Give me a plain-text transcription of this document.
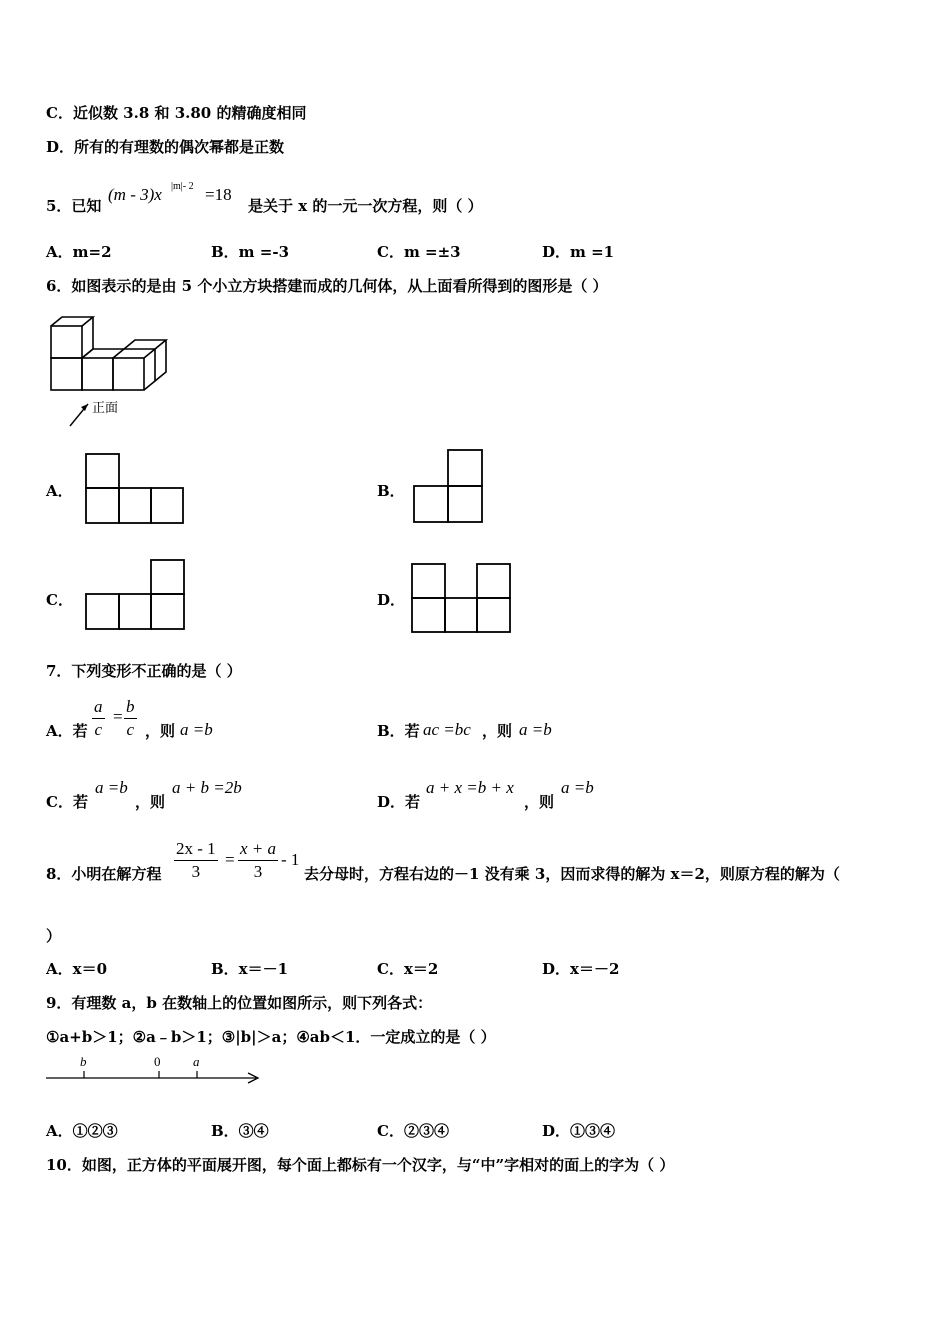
C．近似数 3.8 和 3.80 的精确度相同
D．所有的有理数的偶次幂都是正数
5．已知
(m - 3)x |m|- 2 =18
是关于 x 的一元一次方程，则（ ）
A．m=2	B．m =-3	C．m =±3	D．m =1
6．如图表示的是由 5 个小立方块搭建而成的几何体，从上面看所得到的图形是（ ）
正面
A．	B．
C．	D．
7．下列变形不正确的是（ ）
A．若 $\frac{a}{c} = \frac{b}{c}$ ，则 a =b	B．若 ac =bc ，则 a =b
C．若
a =b
，则
a + b =2b
D．若
a + x =b + x
，则
a =b
8．小明在解方程 $\frac{2x - 1}{3} = \frac{x + a}{3} - 1$
去分母时，方程右边的－1 没有乘 3，因而求得的解为 x＝2，则原方程的解为（
）
A．x＝0	B．x＝－1	C．x＝2	D．x＝－2
9．有理数 a，b 在数轴上的位置如图所示，则下列各式：
①a+b＞1；②a﹣b＞1；③|b|＞a；④ab＜1．一定成立的是（ ）
b	0	a
A．①②③	B．③④	C．②③④	D．①③④
10．如图，正方体的平面展开图，每个面上都标有一个汉字，与“中”字相对的面上的字为（ ）
